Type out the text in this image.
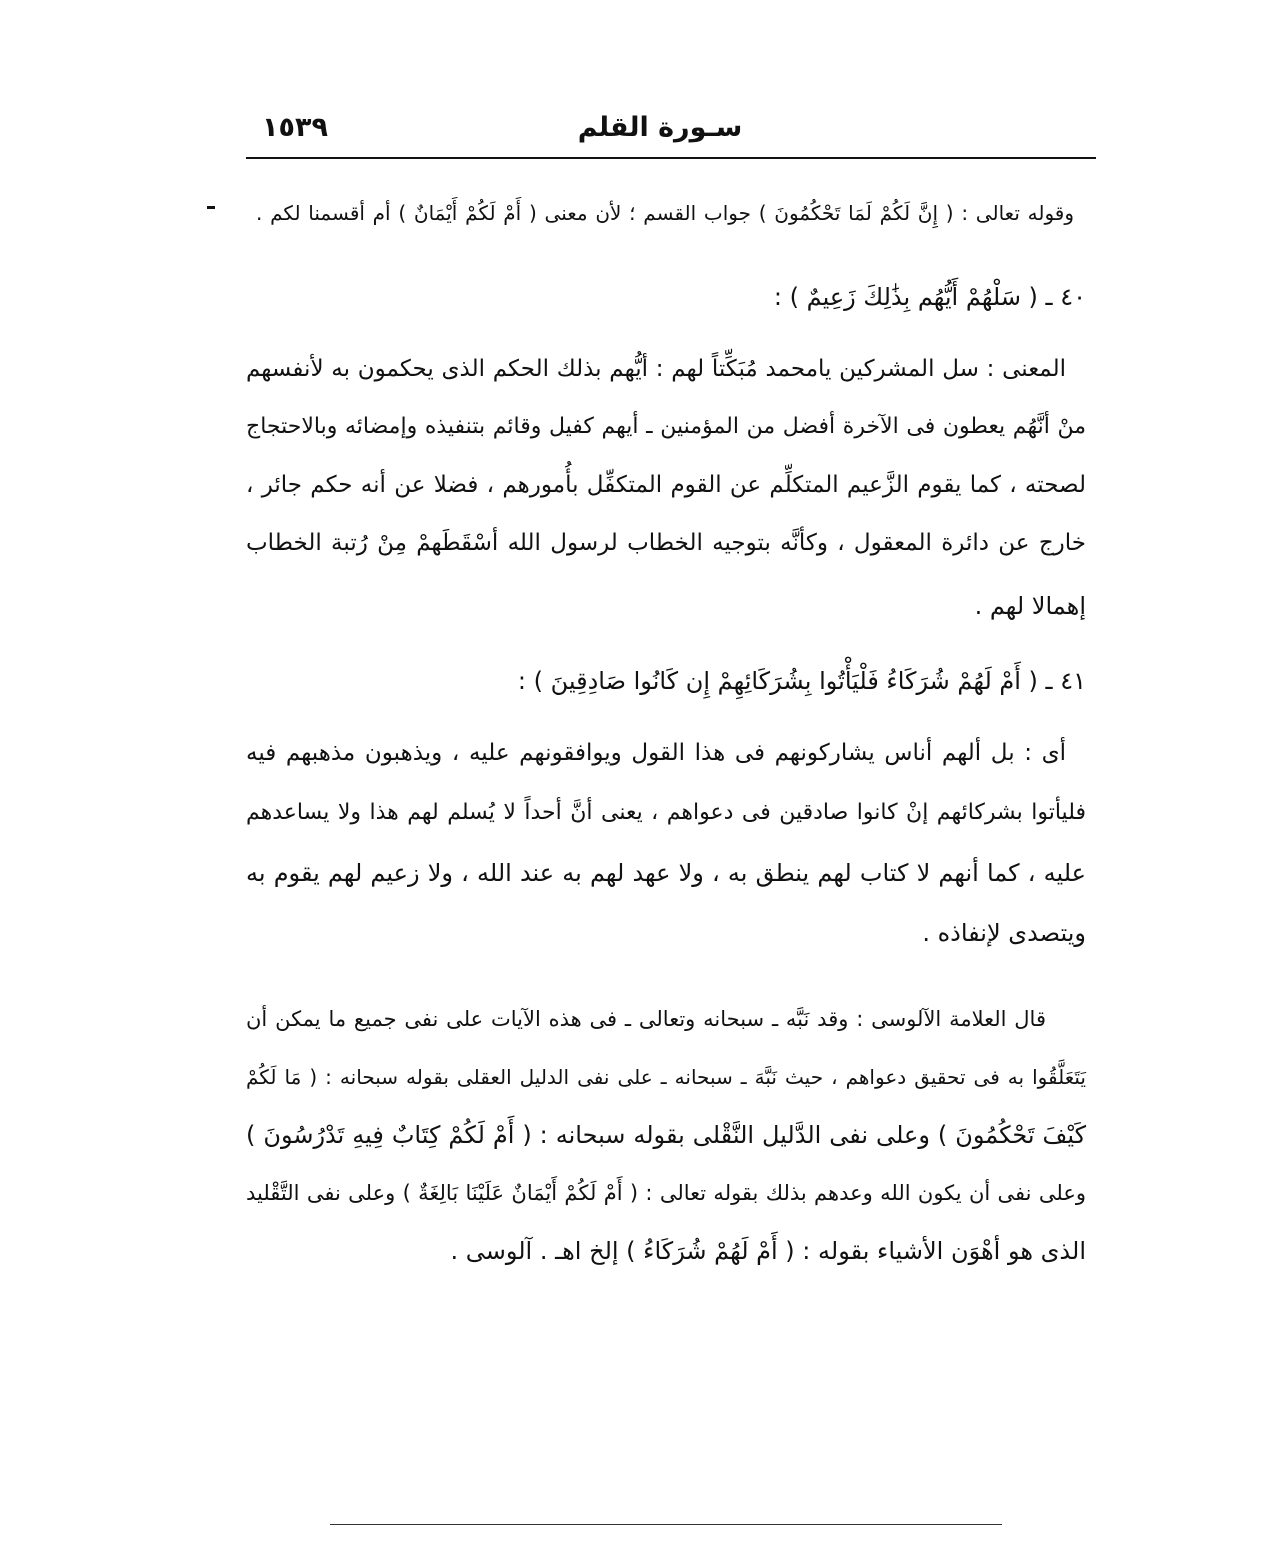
١٥٣٩	سـورة القلم
وقوله تعالى : ( إِنَّ لَكُمْ لَمَا تَحْكُمُونَ ) جواب القسم ؛ لأن معنى ( أَمْ لَكُمْ أَيْمَانٌ ) أم أقسمنا لكم .
٤٠ ـ ( سَلْهُمْ أَيُّهُم بِذَٰلِكَ زَعِيمٌ ) :
المعنى : سل المشركين يامحمد مُبَكِّتاً لهم : أيُّهم بذلك الحكم الذى يحكمون به لأنفسهم
منْ أنَّهُم يعطون فى الآخرة أفضل من المؤمنين ـ أيهم كفيل وقائم بتنفيذه وإمضائه وبالاحتجاج
لصحته ، كما يقوم الزَّعيم المتكلِّم عن القوم المتكفِّل بأُمورهم ، فضلا عن أنه حكم جائر ،
خارج عن دائرة المعقول ، وكأنَّه بتوجيه الخطاب لرسول الله أسْقَطَهمْ مِنْ رُتبة الخطاب
إهمالا لهم .
٤١ ـ ( أَمْ لَهُمْ شُرَكَاءُ فَلْيَأْتُوا بِشُرَكَائِهِمْ إِن كَانُوا صَادِقِينَ ) :
أى : بل ألهم أناس يشاركونهم فى هذا القول ويوافقونهم عليه ، ويذهبون مذهبهم فيه
فليأتوا بشركائهم إنْ كانوا صادقين فى دعواهم ، يعنى أنَّ أحداً لا يُسلم لهم هذا ولا يساعدهم
عليه ، كما أنهم لا كتاب لهم ينطق به ، ولا عهد لهم به عند الله ، ولا زعيم لهم يقوم به
ويتصدى لإنفاذه .
قال العلامة الآلوسى : وقد نَبَّه ـ سبحانه وتعالى ـ فى هذه الآيات على نفى جميع ما يمكن أن
يَتَعَلَّقُوا به فى تحقيق دعواهم ، حيث نَبَّهَ ـ سبحانه ـ على نفى الدليل العقلى بقوله سبحانه : ( مَا لَكُمْ
كَيْفَ تَحْكُمُونَ ) وعلى نفى الدَّليل النَّقْلى بقوله سبحانه : ( أَمْ لَكُمْ كِتَابٌ فِيهِ تَدْرُسُونَ )
وعلى نفى أن يكون الله وعدهم بذلك بقوله تعالى : ( أَمْ لَكُمْ أَيْمَانٌ عَلَيْنَا بَالِغَةٌ ) وعلى نفى التَّقْليد
الذى هو أهْوَن الأشياء بقوله : ( أَمْ لَهُمْ شُرَكَاءُ ) إلخ اهـ . آلوسى .
